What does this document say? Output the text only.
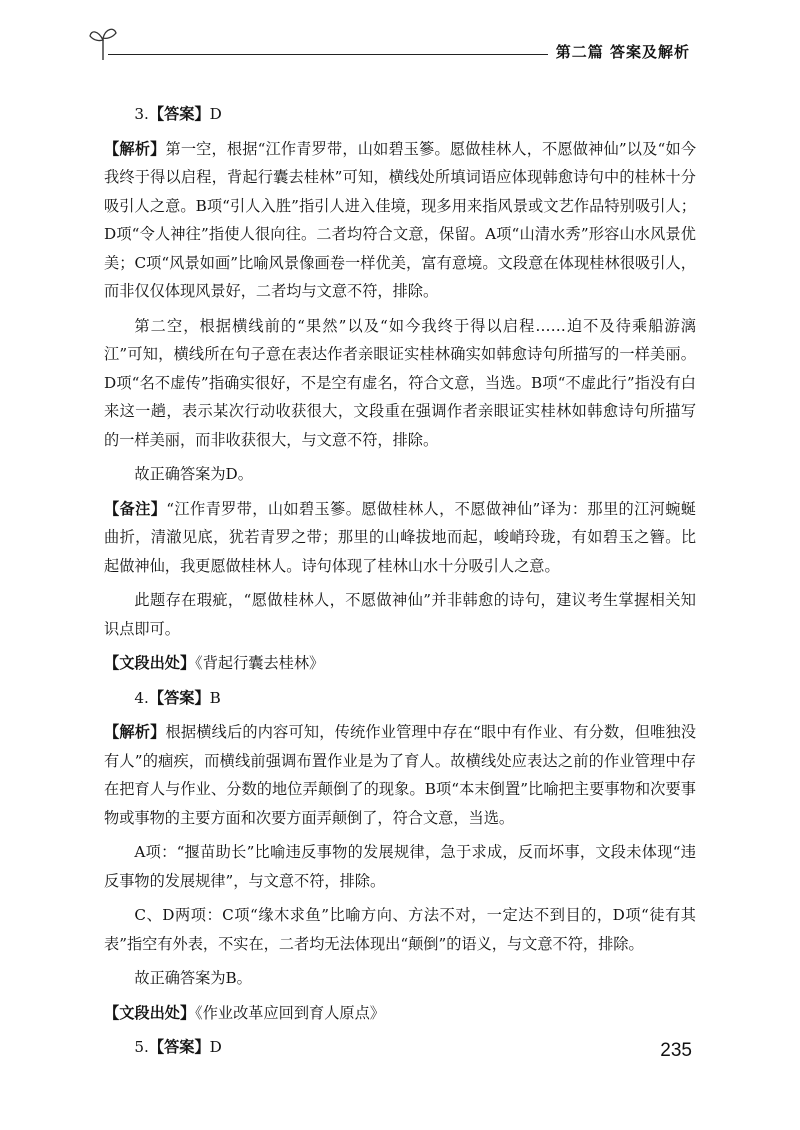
第二篇 答案及解析

3.【答案】D

【解析】第一空，根据“江作青罗带，山如碧玉篸。愿做桂林人，不愿做神仙”以及“如今我终于得以启程，背起行囊去桂林”可知，横线处所填词语应体现韩愈诗句中的桂林十分吸引人之意。B项“引人入胜”指引人进入佳境，现多用来指风景或文艺作品特别吸引人；D项“令人神往”指使人很向往。二者均符合文意，保留。A项“山清水秀”形容山水风景优美；C项“风景如画”比喻风景像画卷一样优美，富有意境。文段意在体现桂林很吸引人，而非仅仅体现风景好，二者均与文意不符，排除。

第二空，根据横线前的“果然”以及“如今我终于得以启程……迫不及待乘船游漓江”可知，横线所在句子意在表达作者亲眼证实桂林确实如韩愈诗句所描写的一样美丽。D项“名不虚传”指确实很好，不是空有虚名，符合文意，当选。B项“不虚此行”指没有白来这一趟，表示某次行动收获很大，文段重在强调作者亲眼证实桂林如韩愈诗句所描写的一样美丽，而非收获很大，与文意不符，排除。

故正确答案为D。

【备注】“江作青罗带，山如碧玉篸。愿做桂林人，不愿做神仙”译为：那里的江河蜿蜒曲折，清澈见底，犹若青罗之带；那里的山峰拔地而起，峻峭玲珑，有如碧玉之簪。比起做神仙，我更愿做桂林人。诗句体现了桂林山水十分吸引人之意。

此题存在瑕疵，“愿做桂林人，不愿做神仙”并非韩愈的诗句，建议考生掌握相关知识点即可。

【文段出处】《背起行囊去桂林》

4.【答案】B

【解析】根据横线后的内容可知，传统作业管理中存在“眼中有作业、有分数，但唯独没有人”的痼疾，而横线前强调布置作业是为了育人。故横线处应表达之前的作业管理中存在把育人与作业、分数的地位弄颠倒了的现象。B项“本末倒置”比喻把主要事物和次要事物或事物的主要方面和次要方面弄颠倒了，符合文意，当选。

A项：“揠苗助长”比喻违反事物的发展规律，急于求成，反而坏事，文段未体现“违反事物的发展规律”，与文意不符，排除。

C、D两项：C项“缘木求鱼”比喻方向、方法不对，一定达不到目的，D项“徒有其表”指空有外表，不实在，二者均无法体现出“颠倒”的语义，与文意不符，排除。

故正确答案为B。

【文段出处】《作业改革应回到育人原点》

5.【答案】D	235
